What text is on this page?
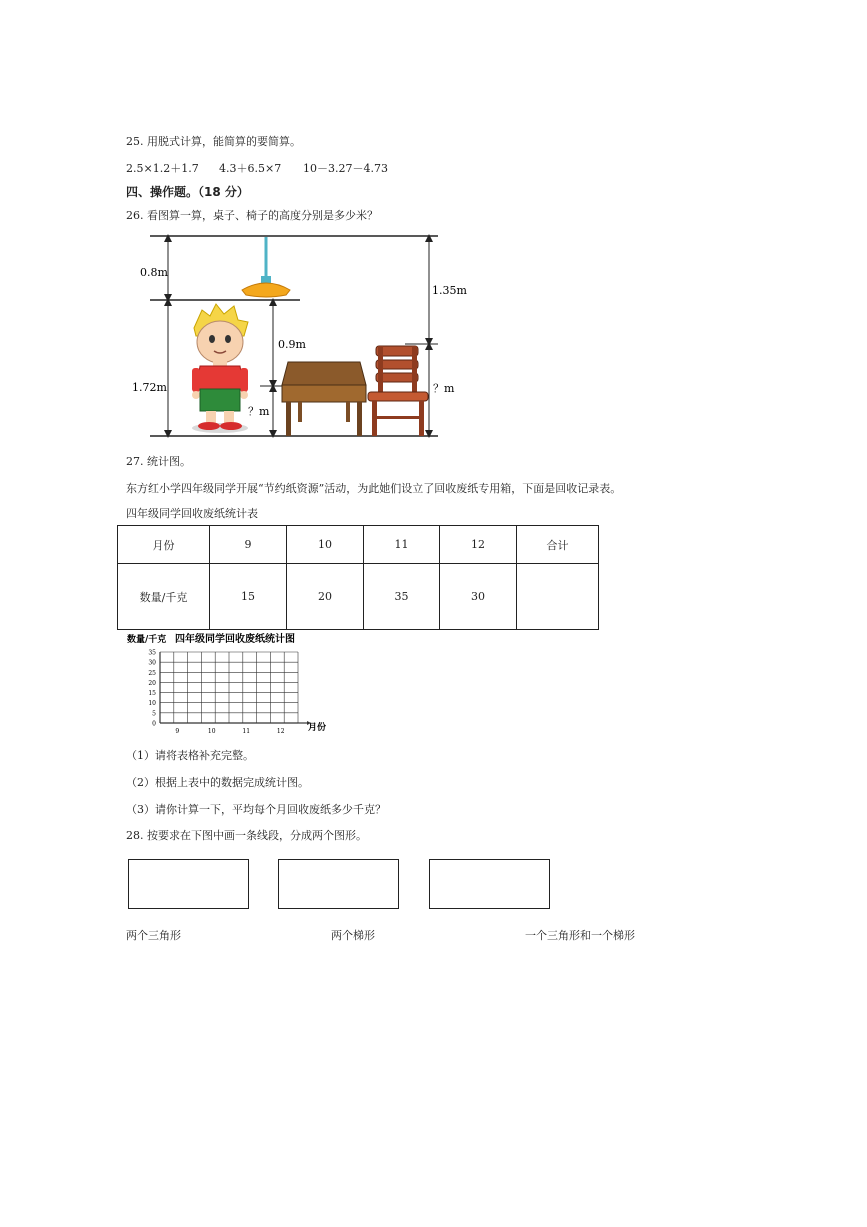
25. 用脱式计算，能简算的要简算。
2.5×1.2＋1.7 4.3＋6.5×7 10－3.27－4.73
四、操作题。（18 分）
26. 看图算一算，桌子、椅子的高度分别是多少米？
0.8m
1.72m
0.9m
？m
1.35m
？m
27. 统计图。
东方红小学四年级同学开展“节约纸资源”活动，为此她们设立了回收废纸专用箱，下面是回收记录表。
四年级同学回收废纸统计表
月份	9	10	11	12	合计
数量/千克	15	20	35	30	
数量/千克 四年级同学回收废纸统计图
月份
0
5
10
15
20
25
30
35
9	10	11	12
（1）请将表格补充完整。
（2）根据上表中的数据完成统计图。
（3）请你计算一下，平均每个月回收废纸多少千克？
28. 按要求在下图中画一条线段，分成两个图形。
两个三角形	两个梯形	一个三角形和一个梯形
